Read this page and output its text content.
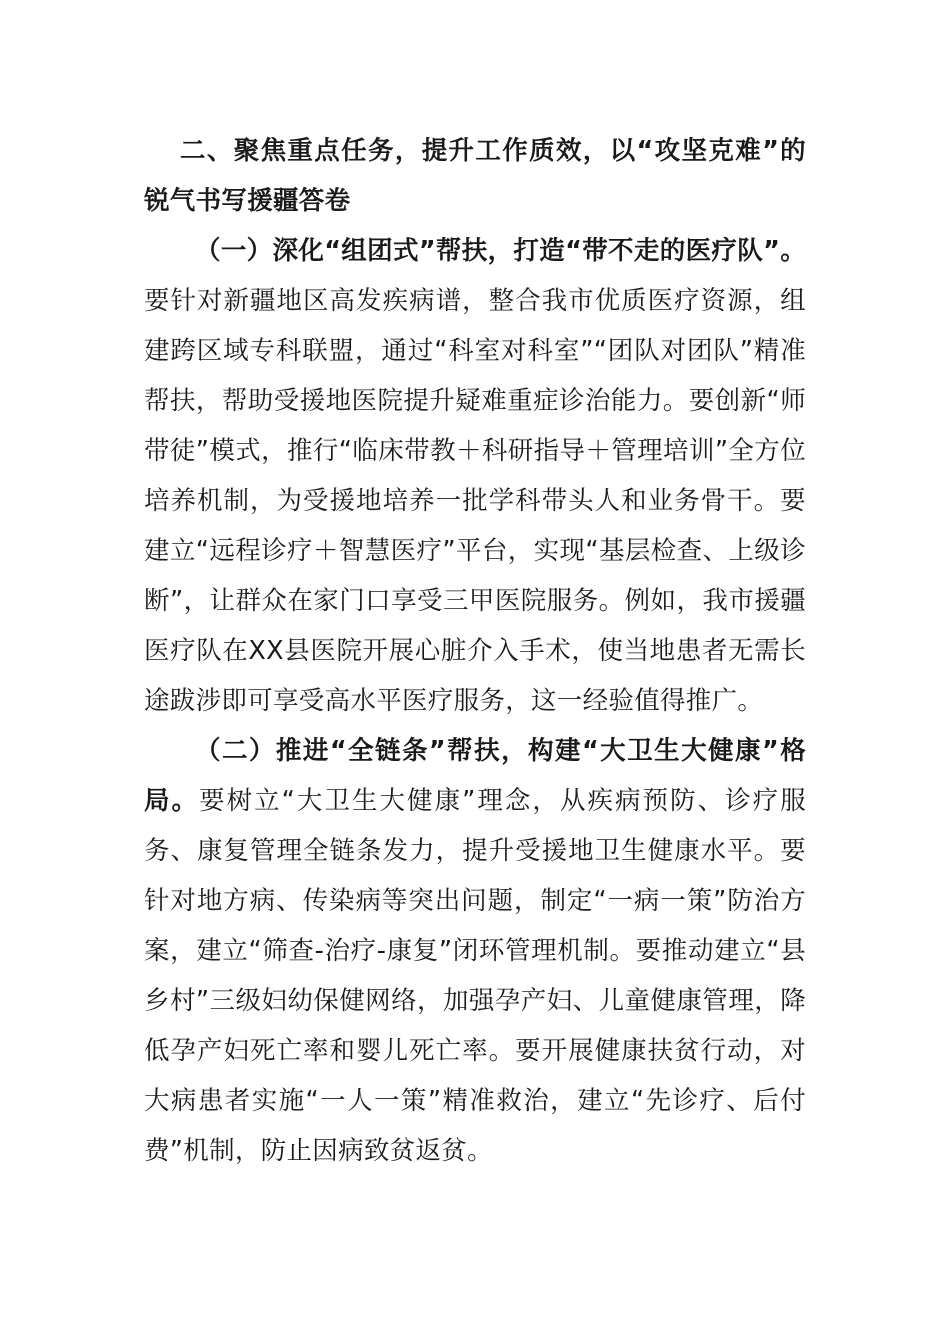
二、聚焦重点任务，提升工作质效，以“攻坚克难”的锐气书写援疆答卷

（一）深化“组团式”帮扶，打造“带不走的医疗队”。要针对新疆地区高发疾病谱，整合我市优质医疗资源，组建跨区域专科联盟，通过“科室对科室”“团队对团队”精准帮扶，帮助受援地医院提升疑难重症诊治能力。要创新“师带徒”模式，推行“临床带教＋科研指导＋管理培训”全方位培养机制，为受援地培养一批学科带头人和业务骨干。要建立“远程诊疗＋智慧医疗”平台，实现“基层检查、上级诊断”，让群众在家门口享受三甲医院服务。例如，我市援疆医疗队在XX县医院开展心脏介入手术，使当地患者无需长途跋涉即可享受高水平医疗服务，这一经验值得推广。

（二）推进“全链条”帮扶，构建“大卫生大健康”格局。要树立“大卫生大健康”理念，从疾病预防、诊疗服务、康复管理全链条发力，提升受援地卫生健康水平。要针对地方病、传染病等突出问题，制定“一病一策”防治方案，建立“筛查-治疗-康复”闭环管理机制。要推动建立“县乡村”三级妇幼保健网络，加强孕产妇、儿童健康管理，降低孕产妇死亡率和婴儿死亡率。要开展健康扶贫行动，对大病患者实施“一人一策”精准救治，建立“先诊疗、后付费”机制，防止因病致贫返贫。
